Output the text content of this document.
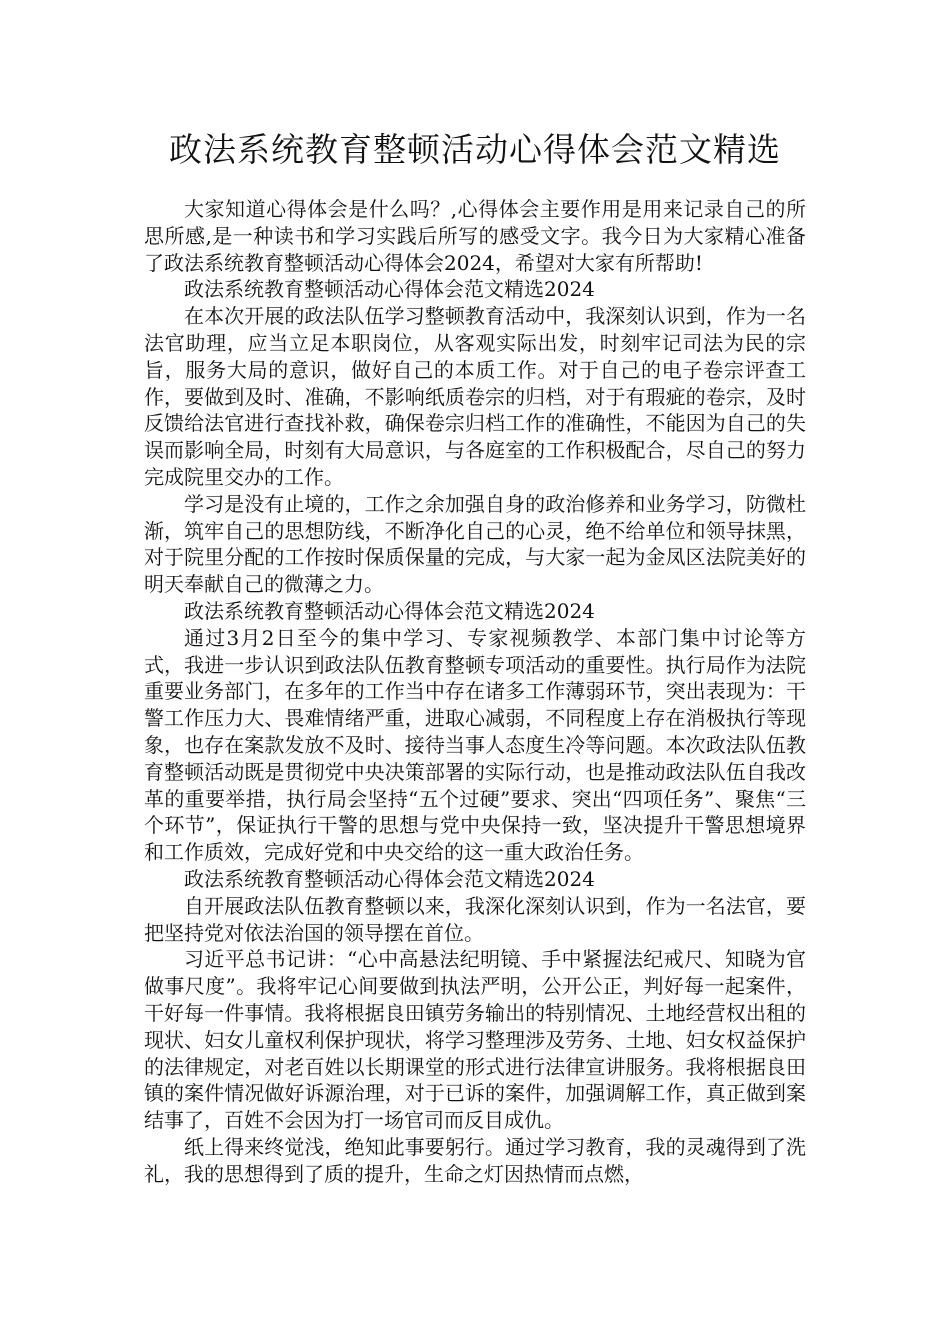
政法系统教育整顿活动心得体会范文精选

大家知道心得体会是什么吗？,心得体会主要作用是用来记录自己的所思所感,是一种读书和学习实践后所写的感受文字。我今日为大家精心准备了政法系统教育整顿活动心得体会2024，希望对大家有所帮助!

政法系统教育整顿活动心得体会范文精选2024

在本次开展的政法队伍学习整顿教育活动中，我深刻认识到，作为一名法官助理，应当立足本职岗位，从客观实际出发，时刻牢记司法为民的宗旨，服务大局的意识，做好自己的本质工作。对于自己的电子卷宗评查工作，要做到及时、准确，不影响纸质卷宗的归档，对于有瑕疵的卷宗，及时反馈给法官进行查找补救，确保卷宗归档工作的准确性，不能因为自己的失误而影响全局，时刻有大局意识，与各庭室的工作积极配合，尽自己的努力完成院里交办的工作。

学习是没有止境的，工作之余加强自身的政治修养和业务学习，防微杜渐，筑牢自己的思想防线，不断净化自己的心灵，绝不给单位和领导抹黑，对于院里分配的工作按时保质保量的完成，与大家一起为金凤区法院美好的明天奉献自己的微薄之力。

政法系统教育整顿活动心得体会范文精选2024

通过3月2日至今的集中学习、专家视频教学、本部门集中讨论等方式，我进一步认识到政法队伍教育整顿专项活动的重要性。执行局作为法院重要业务部门，在多年的工作当中存在诸多工作薄弱环节，突出表现为：干警工作压力大、畏难情绪严重，进取心减弱，不同程度上存在消极执行等现象，也存在案款发放不及时、接待当事人态度生冷等问题。本次政法队伍教育整顿活动既是贯彻党中央决策部署的实际行动，也是推动政法队伍自我改革的重要举措，执行局会坚持“五个过硬”要求、突出“四项任务”、聚焦“三个环节”，保证执行干警的思想与党中央保持一致，坚决提升干警思想境界和工作质效，完成好党和中央交给的这一重大政治任务。

政法系统教育整顿活动心得体会范文精选2024

自开展政法队伍教育整顿以来，我深化深刻认识到，作为一名法官，要把坚持党对依法治国的领导摆在首位。

习近平总书记讲：“心中高悬法纪明镜、手中紧握法纪戒尺、知晓为官做事尺度”。我将牢记心间要做到执法严明，公开公正，判好每一起案件，干好每一件事情。我将根据良田镇劳务输出的特别情况、土地经营权出租的现状、妇女儿童权利保护现状，将学习整理涉及劳务、土地、妇女权益保护的法律规定，对老百姓以长期课堂的形式进行法律宣讲服务。我将根据良田镇的案件情况做好诉源治理，对于已诉的案件，加强调解工作，真正做到案结事了，百姓不会因为打一场官司而反目成仇。

纸上得来终觉浅，绝知此事要躬行。通过学习教育，我的灵魂得到了洗礼，我的思想得到了质的提升，生命之灯因热情而点燃，
